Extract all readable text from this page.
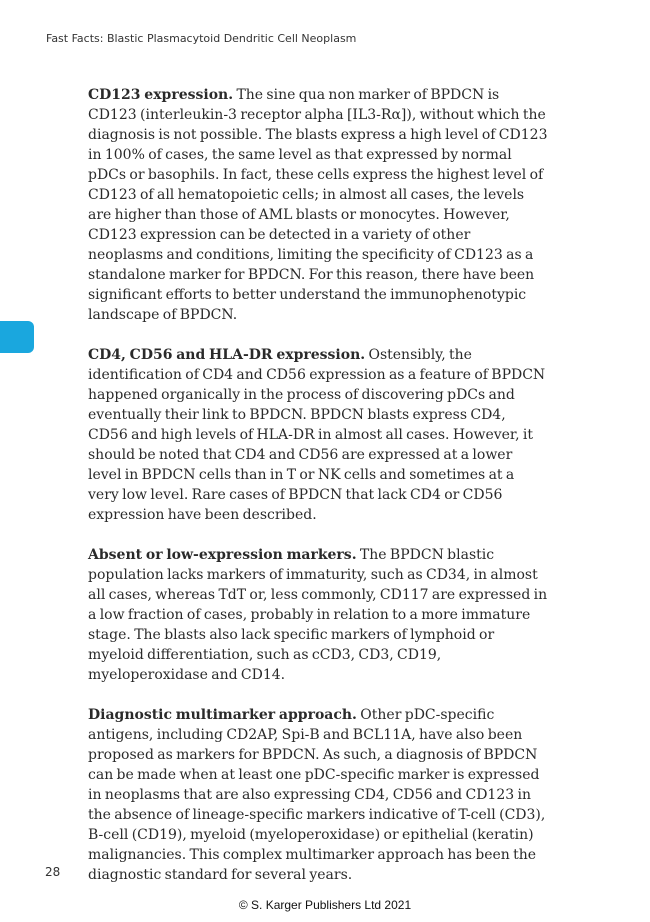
Fast Facts: Blastic Plasmacytoid Dendritic Cell Neoplasm

CD123 expression. The sine qua non marker of BPDCN is CD123 (interleukin-3 receptor alpha [IL3-Rα]), without which the diagnosis is not possible. The blasts express a high level of CD123 in 100% of cases, the same level as that expressed by normal pDCs or basophils. In fact, these cells express the highest level of CD123 of all hematopoietic cells; in almost all cases, the levels are higher than those of AML blasts or monocytes. However, CD123 expression can be detected in a variety of other neoplasms and conditions, limiting the specificity of CD123 as a standalone marker for BPDCN. For this reason, there have been significant efforts to better understand the immunophenotypic landscape of BPDCN.

CD4, CD56 and HLA-DR expression. Ostensibly, the identification of CD4 and CD56 expression as a feature of BPDCN happened organically in the process of discovering pDCs and eventually their link to BPDCN. BPDCN blasts express CD4, CD56 and high levels of HLA-DR in almost all cases. However, it should be noted that CD4 and CD56 are expressed at a lower level in BPDCN cells than in T or NK cells and sometimes at a very low level. Rare cases of BPDCN that lack CD4 or CD56 expression have been described.

Absent or low-expression markers. The BPDCN blastic population lacks markers of immaturity, such as CD34, in almost all cases, whereas TdT or, less commonly, CD117 are expressed in a low fraction of cases, probably in relation to a more immature stage. The blasts also lack specific markers of lymphoid or myeloid differentiation, such as cCD3, CD3, CD19, myeloperoxidase and CD14.

Diagnostic multimarker approach. Other pDC-specific antigens, including CD2AP, Spi-B and BCL11A, have also been proposed as markers for BPDCN. As such, a diagnosis of BPDCN can be made when at least one pDC-specific marker is expressed in neoplasms that are also expressing CD4, CD56 and CD123 in the absence of lineage-specific markers indicative of T-cell (CD3), B-cell (CD19), myeloid (myeloperoxidase) or epithelial (keratin) malignancies. This complex multimarker approach has been the diagnostic standard for several years.

28
© S. Karger Publishers Ltd 2021
